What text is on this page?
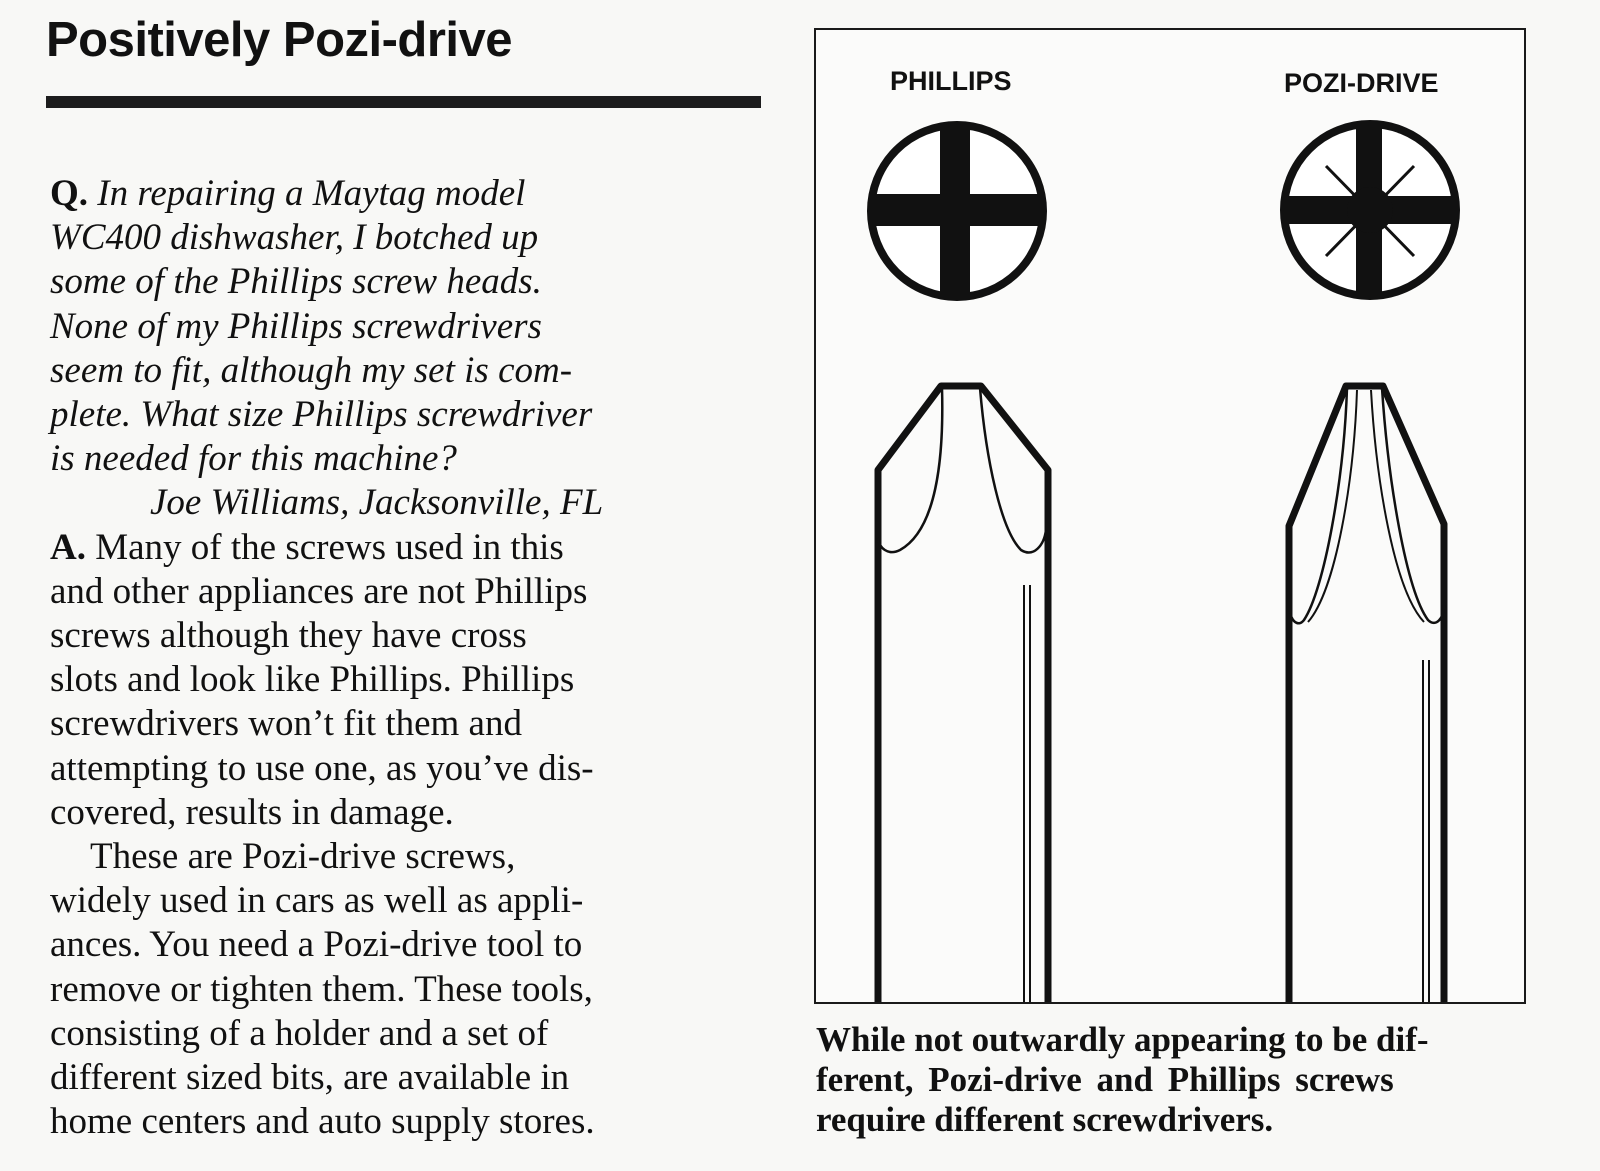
Positively Pozi-drive
Q. In repairing a Maytag model
WC400 dishwasher, I botched up
some of the Phillips screw heads.
None of my Phillips screwdrivers
seem to fit, although my set is com-
plete. What size Phillips screwdriver
is needed for this machine?
Joe Williams, Jacksonville, FL
A. Many of the screws used in this
and other appliances are not Phillips
screws although they have cross
slots and look like Phillips. Phillips
screwdrivers won’t fit them and
attempting to use one, as you’ve dis-
covered, results in damage.
These are Pozi-drive screws,
widely used in cars as well as appli-
ances. You need a Pozi-drive tool to
remove or tighten them. These tools,
consisting of a holder and a set of
different sized bits, are available in
home centers and auto supply stores.
PHILLIPS	POZI-DRIVE
While not outwardly appearing to be dif-
ferent, Pozi-drive and Phillips screws
require different screwdrivers.
